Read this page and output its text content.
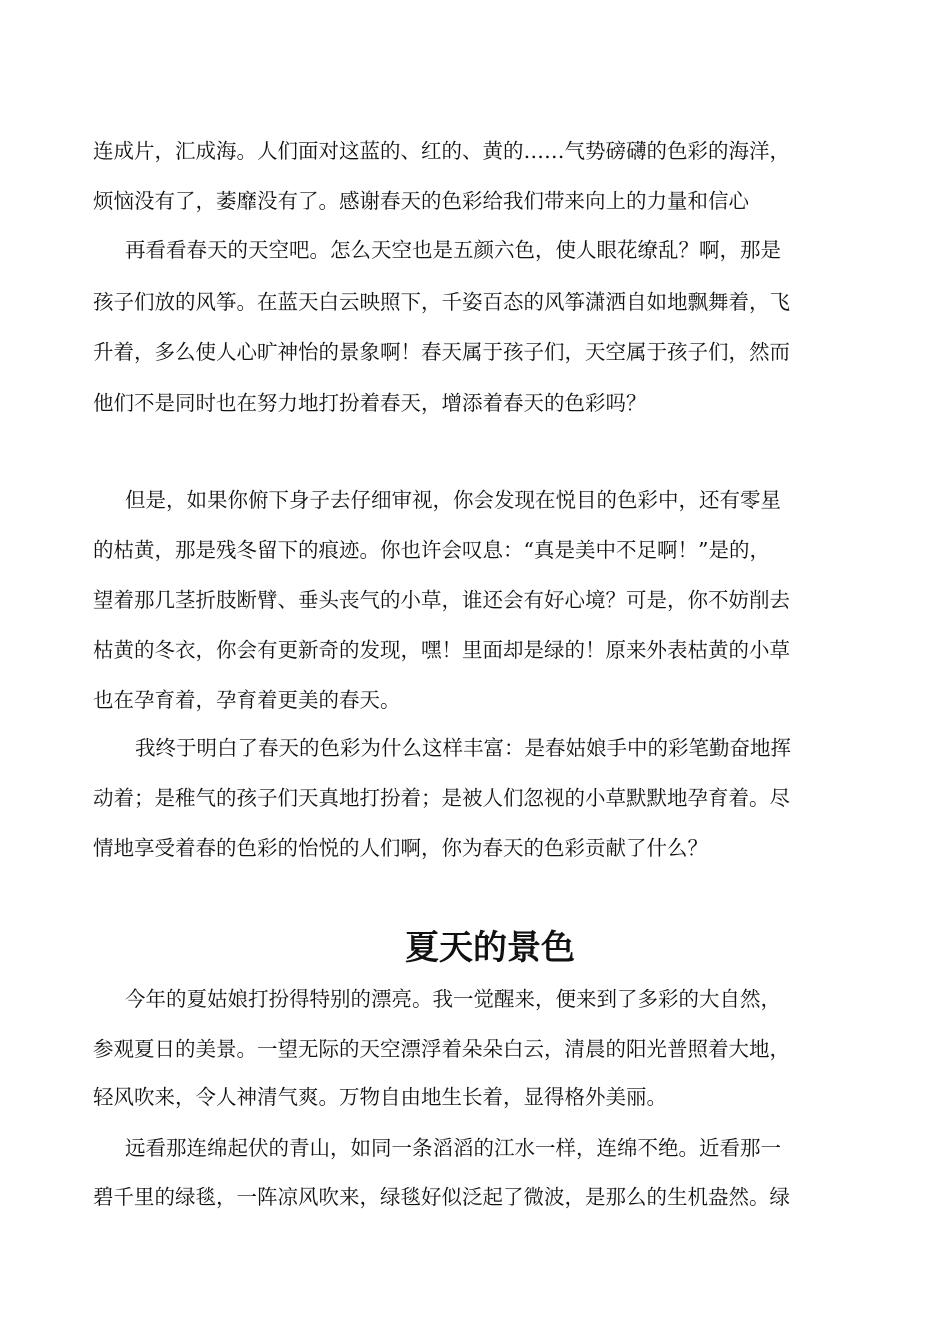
连成片，汇成海。人们面对这蓝的、红的、黄的……气势磅礴的色彩的海洋，
烦恼没有了，萎靡没有了。感谢春天的色彩给我们带来向上的力量和信心
再看看春天的天空吧。怎么天空也是五颜六色，使人眼花缭乱？啊，那是
孩子们放的风筝。在蓝天白云映照下，千姿百态的风筝潇洒自如地飘舞着，飞
升着，多么使人心旷神怡的景象啊！春天属于孩子们，天空属于孩子们，然而
他们不是同时也在努力地打扮着春天，增添着春天的色彩吗？
但是，如果你俯下身子去仔细审视，你会发现在悦目的色彩中，还有零星
的枯黄，那是残冬留下的痕迹。你也许会叹息：“真是美中不足啊！”是的，
望着那几茎折肢断臂、垂头丧气的小草，谁还会有好心境？可是，你不妨削去
枯黄的冬衣，你会有更新奇的发现，嘿！里面却是绿的！原来外表枯黄的小草
也在孕育着，孕育着更美的春天。
我终于明白了春天的色彩为什么这样丰富：是春姑娘手中的彩笔勤奋地挥
动着；是稚气的孩子们天真地打扮着；是被人们忽视的小草默默地孕育着。尽
情地享受着春的色彩的怡悦的人们啊，你为春天的色彩贡献了什么？
夏天的景色
今年的夏姑娘打扮得特别的漂亮。我一觉醒来，便来到了多彩的大自然，
参观夏日的美景。一望无际的天空漂浮着朵朵白云，清晨的阳光普照着大地，
轻风吹来，令人神清气爽。万物自由地生长着，显得格外美丽。
远看那连绵起伏的青山，如同一条滔滔的江水一样，连绵不绝。近看那一
碧千里的绿毯，一阵凉风吹来，绿毯好似泛起了微波，是那么的生机盎然。绿
